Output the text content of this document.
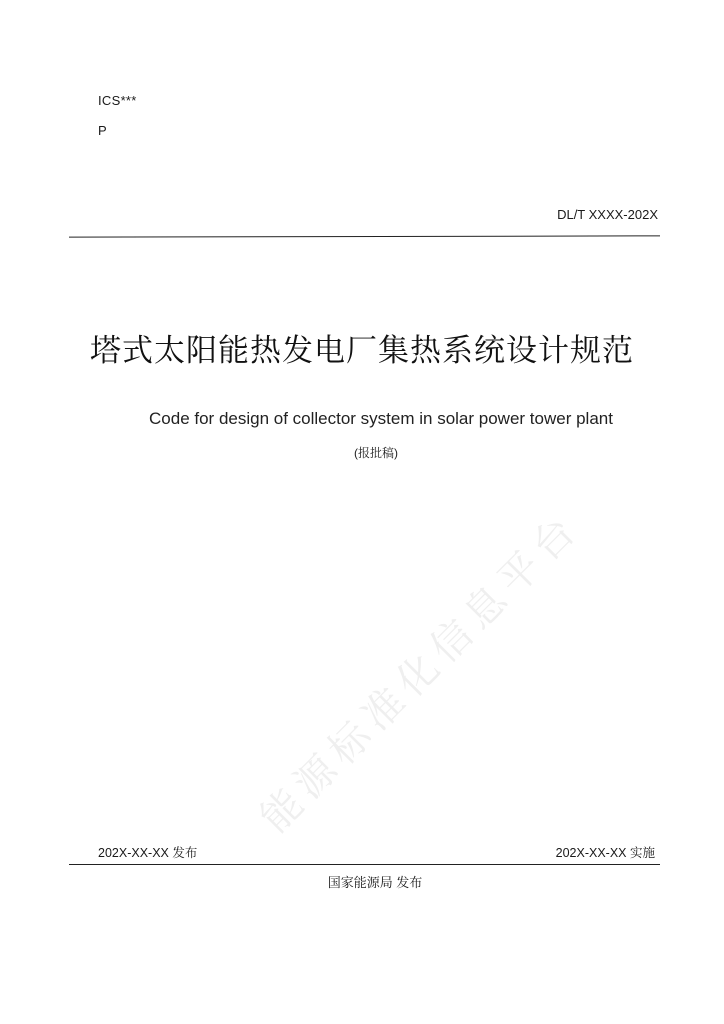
ICS***
P
DL/T XXXX-202X
塔式太阳能热发电厂集热系统设计规范
Code for design of collector system in solar power tower plant
(报批稿)
能源标准化信息平台
202X-XX-XX 发布	202X-XX-XX 实施
国家能源局 发布
